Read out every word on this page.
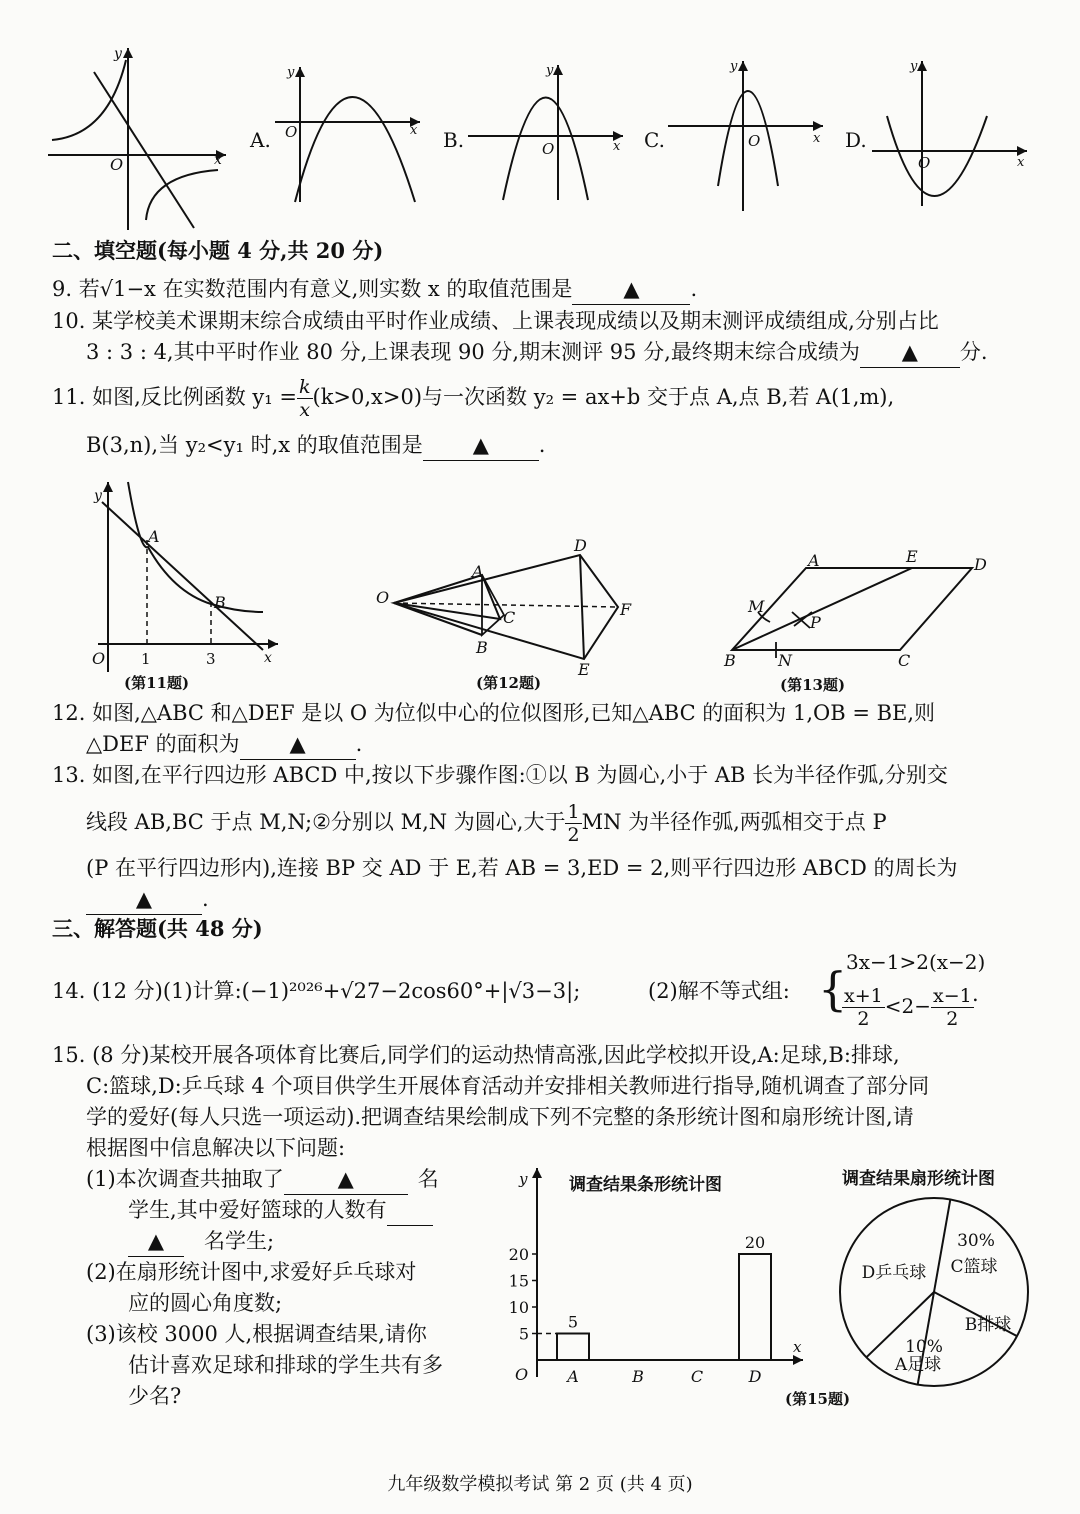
O
y
x
A. O
y
x B.	O
y
x C.	O
y
x D.
O
y
x
二、填空题(每小题 4 分,共 20 分)
9. 若√1−x 在实数范围内有意义,则实数 x 的取值范围是 ▲ .
10. 某学校美术课期末综合成绩由平时作业成绩、上课表现成绩以及期末测评成绩组成,分别占比
3 : 3 : 4,其中平时作业 80 分,上课表现 90 分,期末测评 95 分,最终期末综合成绩为 ▲ 分.
11. 如图,反比例函数 $y_1 = \frac{k}{x} (k>0,x>0)$与一次函数 y₂ = ax+b 交于点 A,点 B,若 A(1,m),
B(3,n),当 y₂<y₁ 时,x 的取值范围是 ▲ .
O
y
x
A
B
1	3
(第11题)
O
A
B
C
D
E
F
(第12题)
A	E	D
M
P
B	N	C
(第13题)
12. 如图,△ABC 和△DEF 是以 O 为位似中心的位似图形,已知△ABC 的面积为 1,OB = BE,则
△DEF 的面积为 ▲ .
13. 如图,在平行四边形 ABCD 中,按以下步骤作图:①以 B 为圆心,小于 AB 长为半径作弧,分别交
线段 AB,BC 于点 M,N;②分别以 M,N 为圆心,大于 $\frac{1}{2}$ MN 为半径作弧,两弧相交于点 P
(P 在平行四边形内),连接 BP 交 AD 于 E,若 AB = 3,ED = 2,则平行四边形 ABCD 的周长为
▲ .
三、解答题(共 48 分)
14. (12 分)(1)计算:(−1)²⁰²⁶+√27−2cos60°+|√3−3|;	(2)解不等式组: {
3x−1>2(x−2)
$\frac{x+1}{2} <2- \frac{x-1}{2}$
.
15. (8 分)某校开展各项体育比赛后,同学们的运动热情高涨,因此学校拟开设,A:足球,B:排球,
C:篮球,D:乒乓球 4 个项目供学生开展体育活动并安排相关教师进行指导,随机调查了部分同
学的爱好(每人只选一项运动).把调查结果绘制成下列不完整的条形统计图和扇形统计图,请
根据图中信息解决以下问题:
(1)本次调查共抽取了	▲	名
学生,其中爱好篮球的人数有
▲ 名学生;
(2)在扇形统计图中,求爱好乒乓球对
应的圆心角度数;
(3)该校 3000 人,根据调查结果,请你
估计喜欢足球和排球的学生共有多
少名?
调查结果条形统计图
O
y
x
5
10
15
20
A
5
B	C	D
20
(第15题)
调查结果扇形统计图
C篮球
30%
B排球
A足球
10%
D乒乓球
九年级数学模拟考试 第 2 页 (共 4 页)
